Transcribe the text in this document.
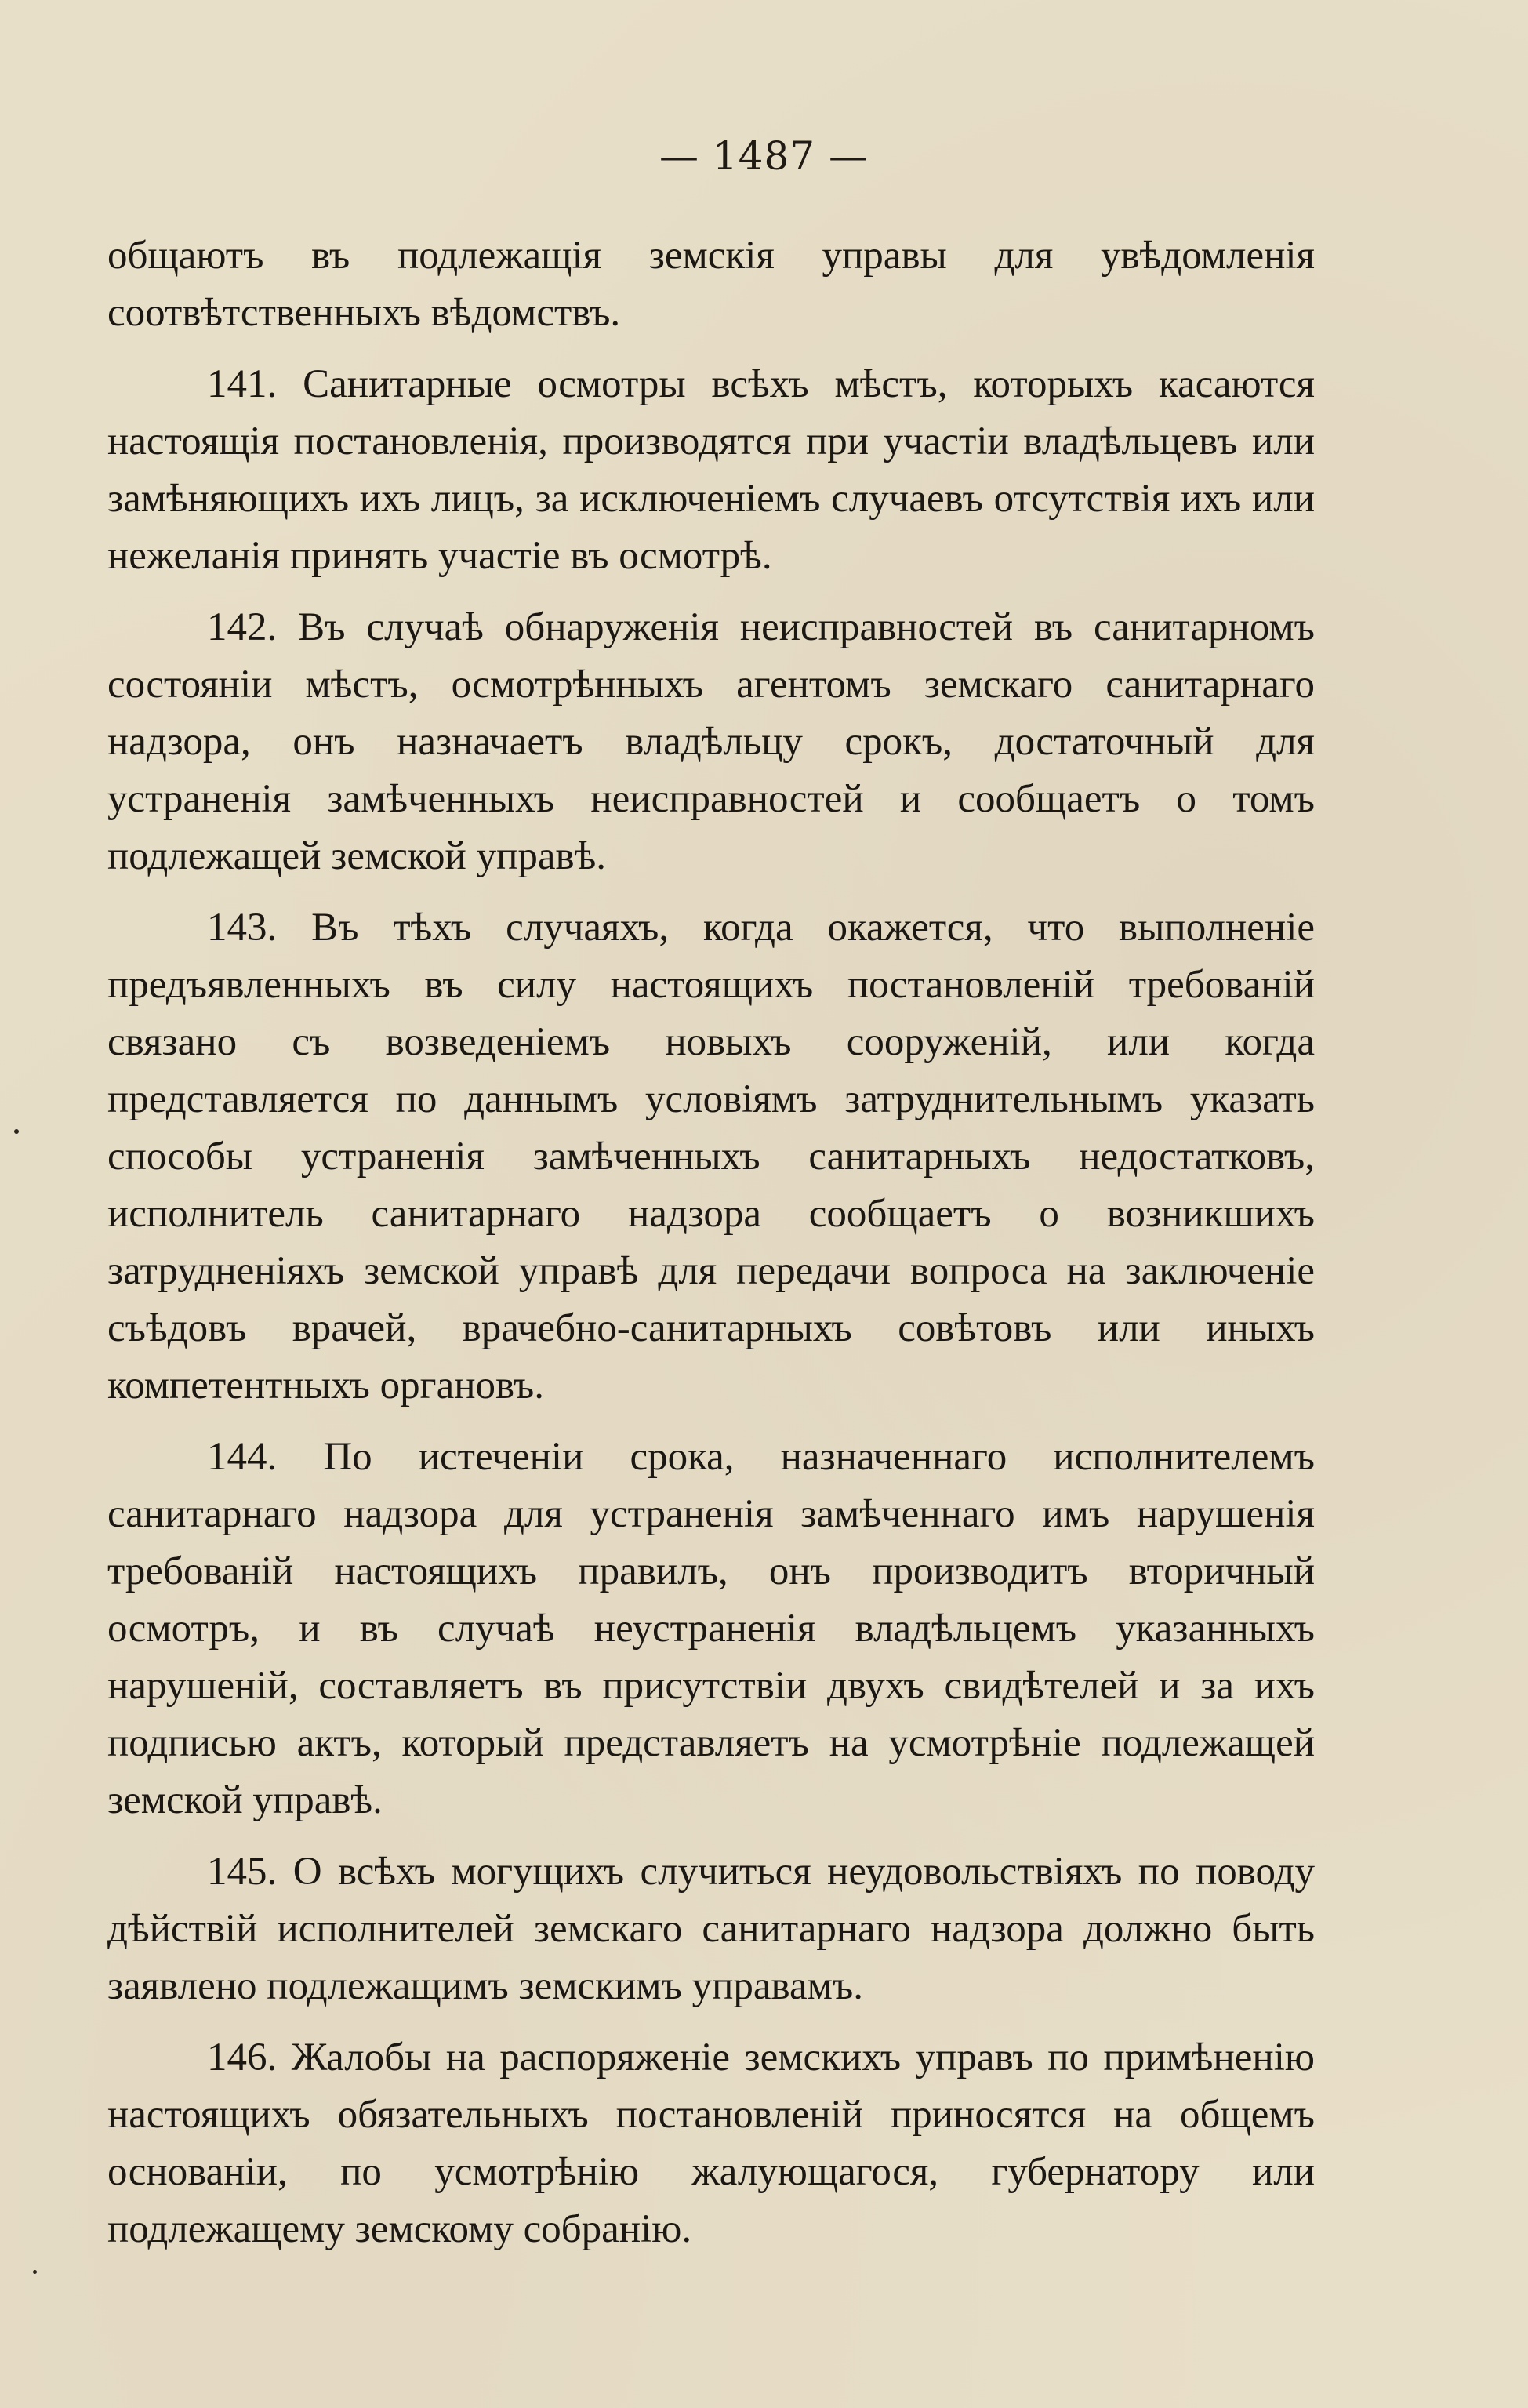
— 1487 —

общаютъ въ подлежащія земскія управы для увѣдомленія соотвѣтственныхъ вѣдомствъ.

141. Санитарные осмотры всѣхъ мѣстъ, которыхъ касаются настоящія постановленія, производятся при участіи владѣльцевъ или замѣняющихъ ихъ лицъ, за исключеніемъ случаевъ отсутствія ихъ или нежеланія принять участіе въ осмотрѣ.

142. Въ случаѣ обнаруженія неисправностей въ санитарномъ состояніи мѣстъ, осмотрѣнныхъ агентомъ земскаго санитарнаго надзора, онъ назначаетъ владѣльцу срокъ, достаточный для устраненія замѣченныхъ неисправностей и сообщаетъ о томъ подлежащей земской управѣ.

143. Въ тѣхъ случаяхъ, когда окажется, что выполненіе предъявленныхъ въ силу настоящихъ постановленій требованій связано съ возведеніемъ новыхъ сооруженій, или когда представляется по даннымъ условіямъ затруднительнымъ указать способы устраненія замѣченныхъ санитарныхъ недостатковъ, исполнитель санитарнаго надзора сообщаетъ о возникшихъ затрудненіяхъ земской управѣ для передачи вопроса на заключеніе съѣдовъ врачей, врачебно-санитарныхъ совѣтовъ или иныхъ компетентныхъ органовъ.

144. По истеченіи срока, назначеннаго исполнителемъ санитарнаго надзора для устраненія замѣченнаго имъ нарушенія требованій настоящихъ правилъ, онъ производитъ вторичный осмотръ, и въ случаѣ неустраненія владѣльцемъ указанныхъ нарушеній, составляетъ въ присутствіи двухъ свидѣтелей и за ихъ подписью актъ, который представляетъ на усмотрѣніе подлежащей земской управѣ.

145. О всѣхъ могущихъ случиться неудовольствіяхъ по поводу дѣйствій исполнителей земскаго санитарнаго надзора должно быть заявлено подлежащимъ земскимъ управамъ.

146. Жалобы на распоряженіе земскихъ управъ по примѣненію настоящихъ обязательныхъ постановленій приносятся на общемъ основаніи, по усмотрѣнію жалующагося, губернатору или подлежащему земскому собранію.
